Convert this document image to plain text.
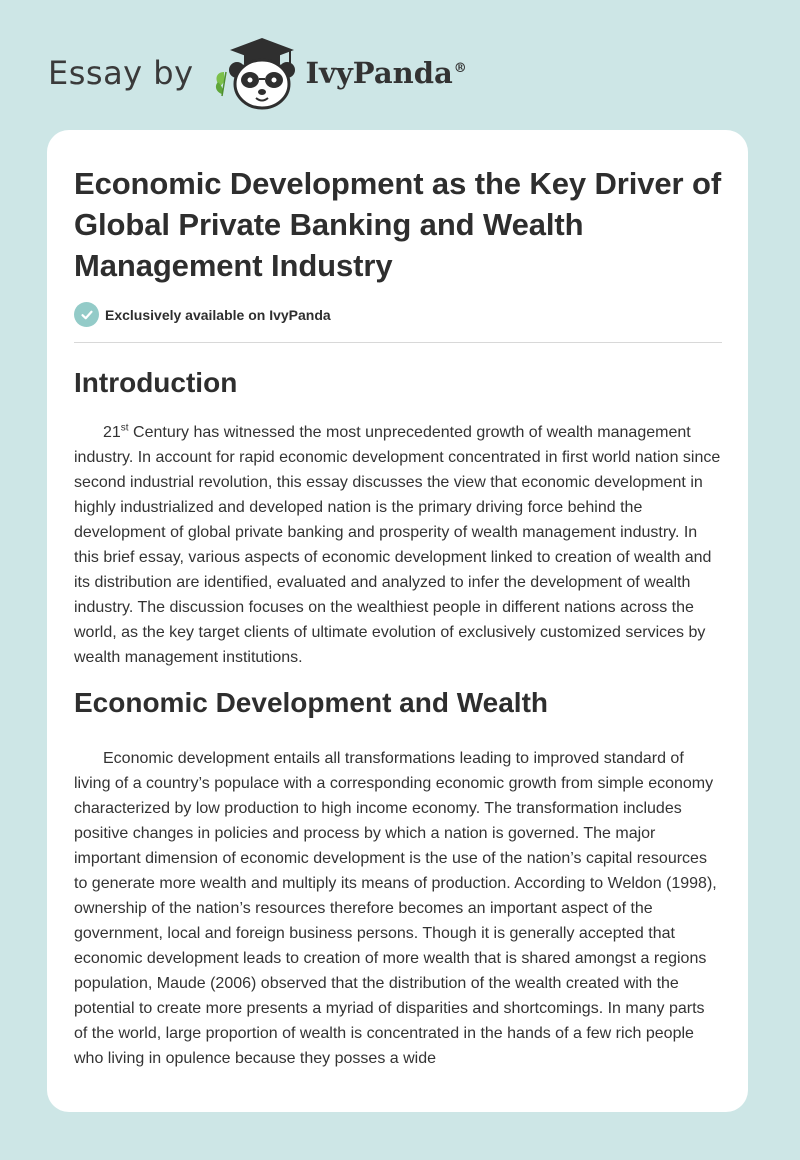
Essay by	IvyPanda®
Economic Development as the Key Driver of Global Private Banking and Wealth Management Industry
Exclusively available on IvyPanda
Introduction

21st Century has witnessed the most unprecedented growth of wealth management industry. In account for rapid economic development concentrated in first world nation since second industrial revolution, this essay discusses the view that economic development in highly industrialized and developed nation is the primary driving force behind the development of global private banking and prosperity of wealth management industry. In this brief essay, various aspects of economic development linked to creation of wealth and its distribution are identified, evaluated and analyzed to infer the development of wealth industry. The discussion focuses on the wealthiest people in different nations across the world, as the key target clients of ultimate evolution of exclusively customized services by wealth management institutions.

Economic Development and Wealth

Economic development entails all transformations leading to improved standard of living of a country’s populace with a corresponding economic growth from simple economy characterized by low production to high income economy. The transformation includes positive changes in policies and process by which a nation is governed. The major important dimension of economic development is the use of the nation’s capital resources to generate more wealth and multiply its means of production. According to Weldon (1998), ownership of the nation’s resources therefore becomes an important aspect of the government, local and foreign business persons. Though it is generally accepted that economic development leads to creation of more wealth that is shared amongst a regions population, Maude (2006) observed that the distribution of the wealth created with the potential to create more presents a myriad of disparities and shortcomings. In many parts of the world, large proportion of wealth is concentrated in the hands of a few rich people who living in opulence because they posses a wide
